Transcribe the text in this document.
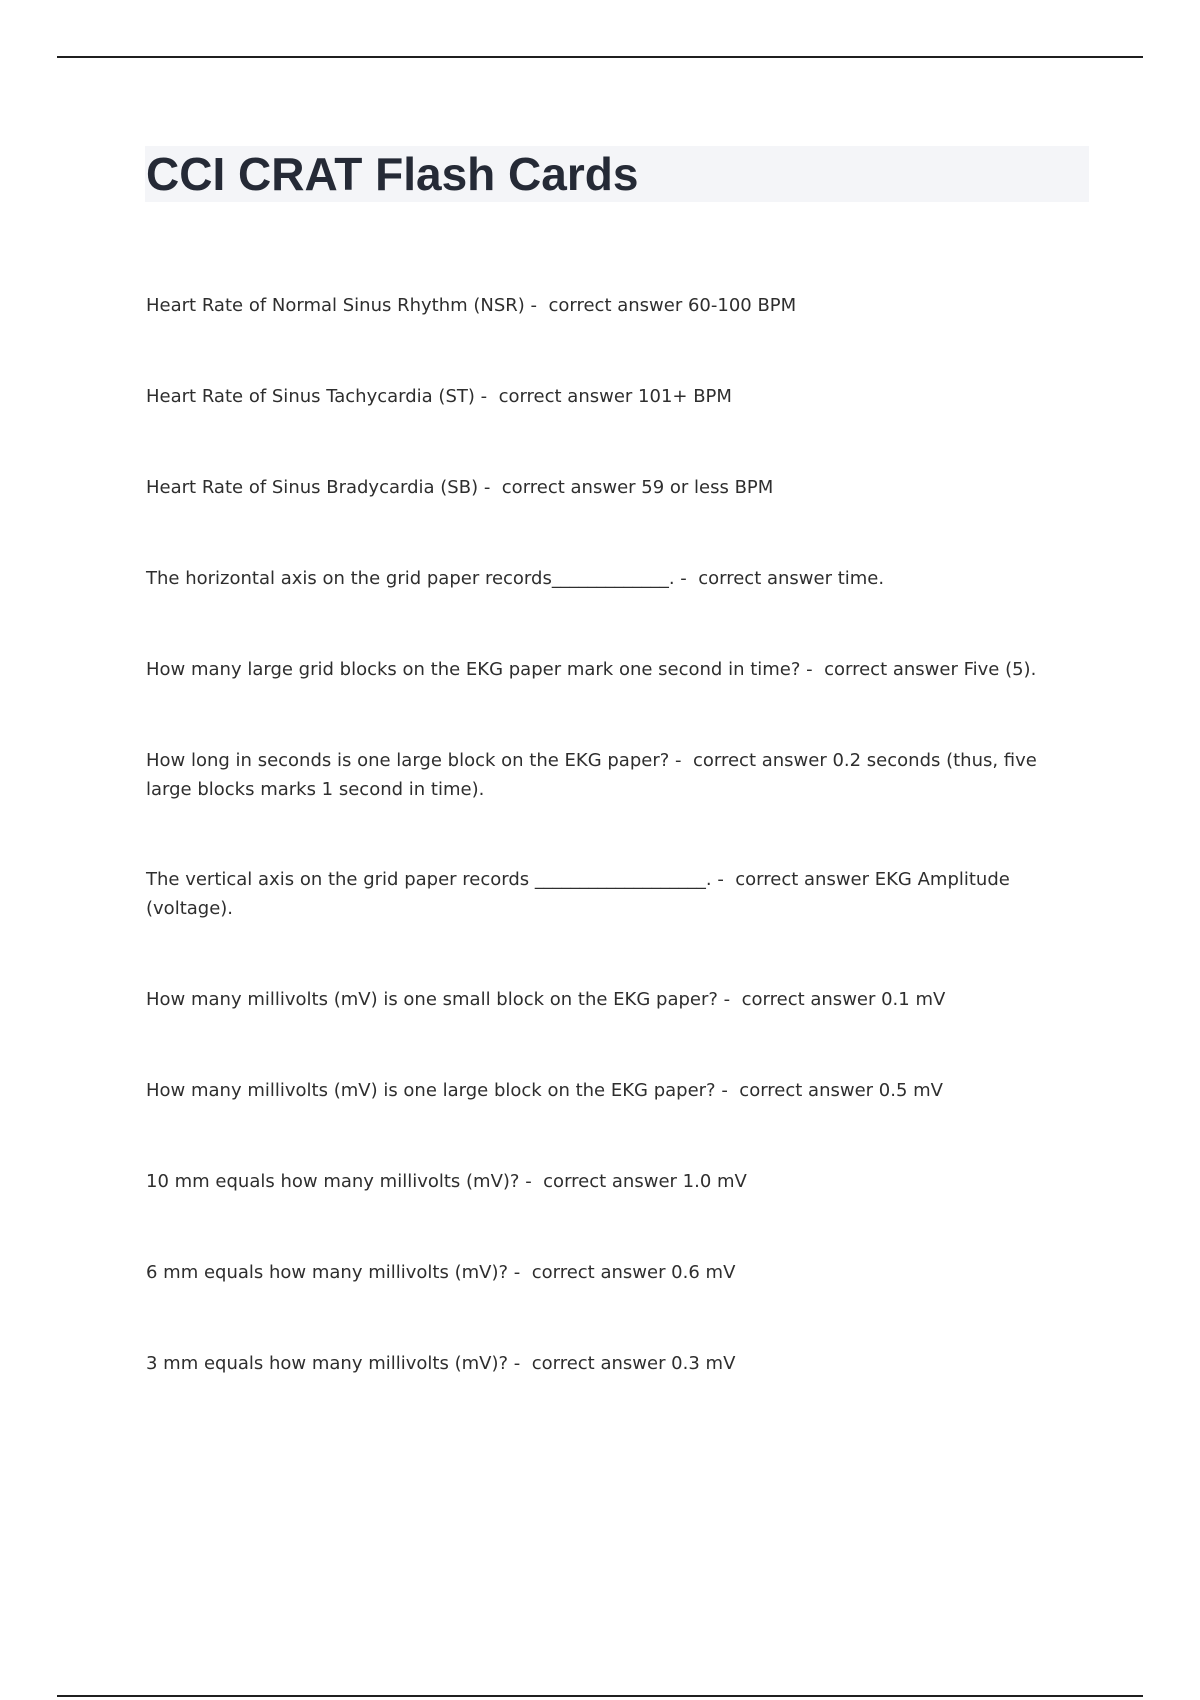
CCI CRAT Flash Cards

Heart Rate of Normal Sinus Rhythm (NSR) -  correct answer 60-100 BPM

Heart Rate of Sinus Tachycardia (ST) -  correct answer 101+ BPM

Heart Rate of Sinus Bradycardia (SB) -  correct answer 59 or less BPM

The horizontal axis on the grid paper records_____________. -  correct answer time.

How many large grid blocks on the EKG paper mark one second in time? -  correct answer Five (5).

How long in seconds is one large block on the EKG paper? -  correct answer 0.2 seconds (thus, five large blocks marks 1 second in time).

The vertical axis on the grid paper records ___________________. -  correct answer EKG Amplitude (voltage).

How many millivolts (mV) is one small block on the EKG paper? -  correct answer 0.1 mV

How many millivolts (mV) is one large block on the EKG paper? -  correct answer 0.5 mV

10 mm equals how many millivolts (mV)? -  correct answer 1.0 mV

6 mm equals how many millivolts (mV)? -  correct answer 0.6 mV

3 mm equals how many millivolts (mV)? -  correct answer 0.3 mV
